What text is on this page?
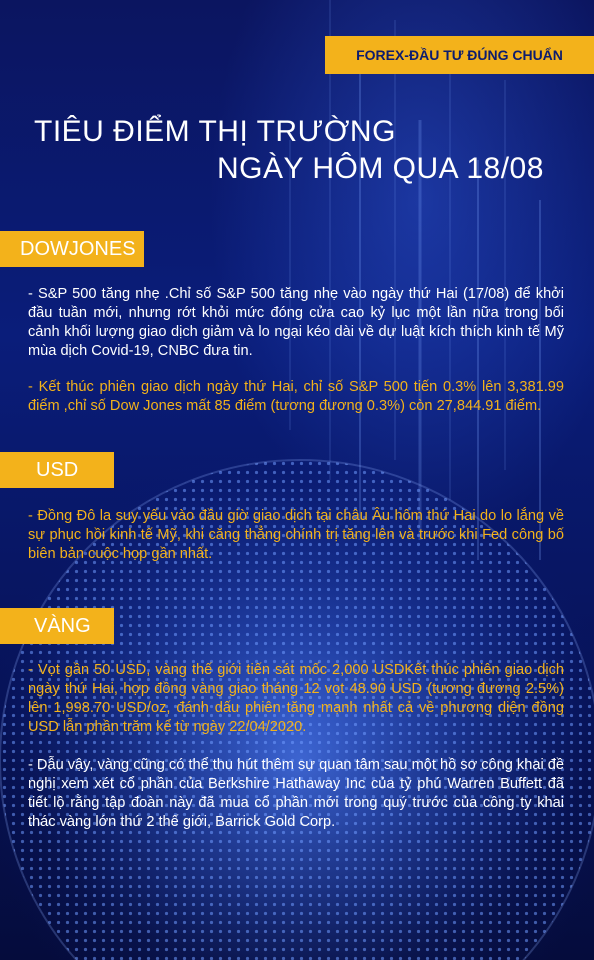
FOREX-ĐẦU TƯ ĐÚNG CHUẨN
TIÊU ĐIỂM THỊ TRƯỜNG
NGÀY HÔM QUA 18/08
DOWJONES

- S&P 500 tăng nhẹ .Chỉ số S&P 500 tăng nhẹ vào ngày thứ Hai (17/08) để khởi đầu tuần mới, nhưng rớt khỏi mức đóng cửa cao kỷ lục một lần nữa trong bối cảnh khối lượng giao dịch giảm và lo ngại kéo dài về dự luật kích thích kinh tế Mỹ mùa dịch Covid-19, CNBC đưa tin.

- Kết thúc phiên giao dịch ngày thứ Hai, chỉ số S&P 500 tiến 0.3% lên 3,381.99 điểm ,chỉ số Dow Jones mất 85 điểm (tương đương 0.3%) còn 27,844.91 điểm.

USD

- Đồng Đô la suy yếu vào đầu giờ giao dịch tại châu Âu hôm thứ Hai do lo lắng về sự phục hồi kinh tế Mỹ, khi căng thẳng chính trị tăng lên và trước khi Fed công bố biên bản cuộc họp gần nhất.

VÀNG

- Vọt gần 50 USD, vàng thế giới tiến sát mốc 2,000 USDKết thúc phiên giao dịch ngày thứ Hai, hợp đồng vàng giao tháng 12 vọt 48.90 USD (tương đương 2.5%) lên 1,998.70 USD/oz, đánh dấu phiên tăng mạnh nhất cả về phương diện đồng USD lẫn phần trăm kể từ ngày 22/04/2020.

- Dẫu vậy, vàng cũng có thể thu hút thêm sự quan tâm sau một hồ sơ công khai đề nghị xem xét cổ phần của Berkshire Hathaway Inc của tỷ phú Warren Buffett đã tiết lộ rằng tập đoàn này đã mua cổ phần mới trong quý trước của công ty khai thác vàng lớn thứ 2 thế giới, Barrick Gold Corp.
